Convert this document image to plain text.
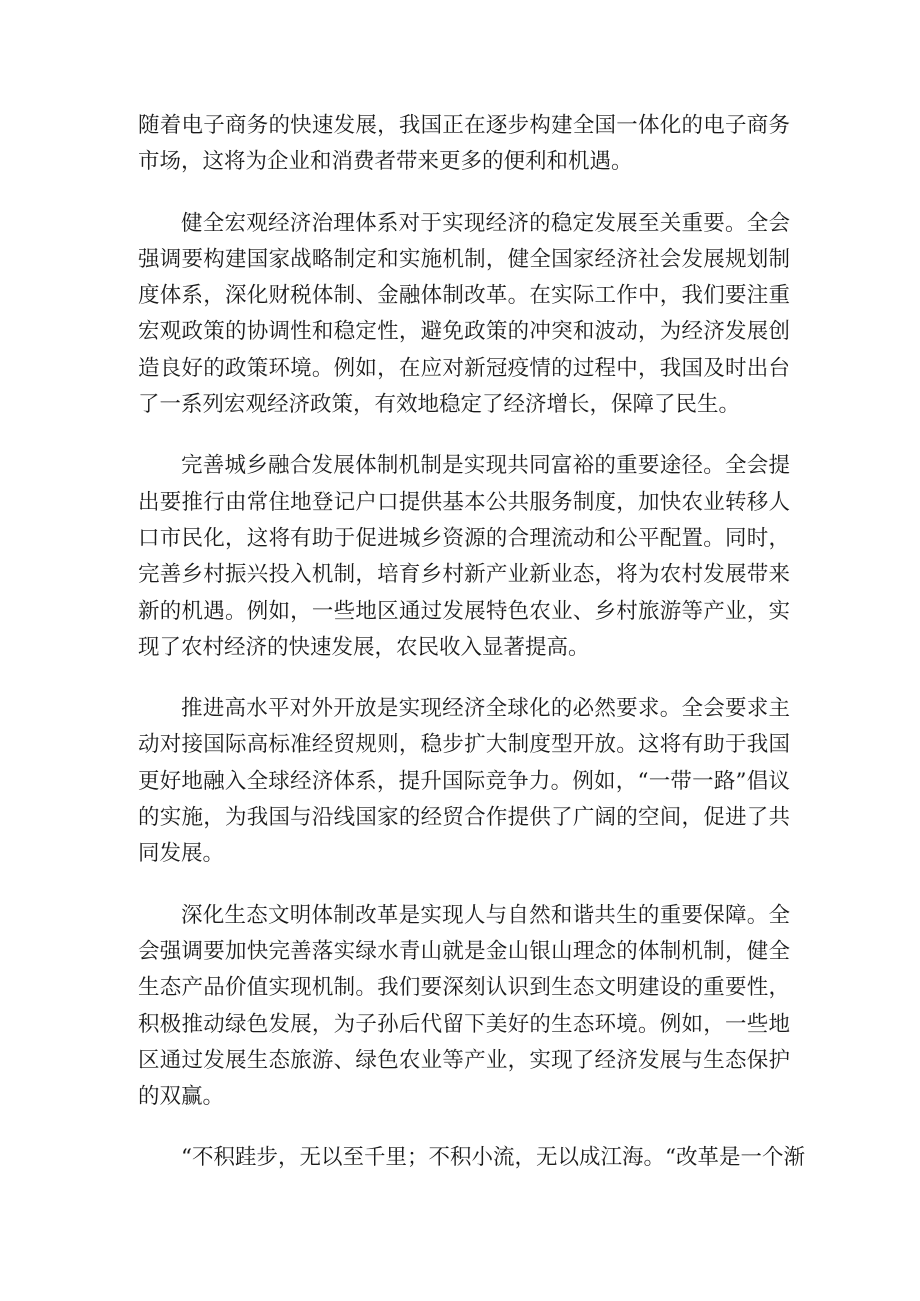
随着电子商务的快速发展，我国正在逐步构建全国一体化的电子商务市场，这将为企业和消费者带来更多的便利和机遇。

健全宏观经济治理体系对于实现经济的稳定发展至关重要。全会强调要构建国家战略制定和实施机制，健全国家经济社会发展规划制度体系，深化财税体制、金融体制改革。在实际工作中，我们要注重宏观政策的协调性和稳定性，避免政策的冲突和波动，为经济发展创造良好的政策环境。例如，在应对新冠疫情的过程中，我国及时出台了一系列宏观经济政策，有效地稳定了经济增长，保障了民生。

完善城乡融合发展体制机制是实现共同富裕的重要途径。全会提出要推行由常住地登记户口提供基本公共服务制度，加快农业转移人口市民化，这将有助于促进城乡资源的合理流动和公平配置。同时，完善乡村振兴投入机制，培育乡村新产业新业态，将为农村发展带来新的机遇。例如，一些地区通过发展特色农业、乡村旅游等产业，实现了农村经济的快速发展，农民收入显著提高。

推进高水平对外开放是实现经济全球化的必然要求。全会要求主动对接国际高标准经贸规则，稳步扩大制度型开放。这将有助于我国更好地融入全球经济体系，提升国际竞争力。例如，“一带一路”倡议的实施，为我国与沿线国家的经贸合作提供了广阔的空间，促进了共同发展。

深化生态文明体制改革是实现人与自然和谐共生的重要保障。全会强调要加快完善落实绿水青山就是金山银山理念的体制机制，健全生态产品价值实现机制。我们要深刻认识到生态文明建设的重要性，积极推动绿色发展，为子孙后代留下美好的生态环境。例如，一些地区通过发展生态旅游、绿色农业等产业，实现了经济发展与生态保护的双赢。

“不积跬步，无以至千里；不积小流，无以成江海。“改革是一个渐
